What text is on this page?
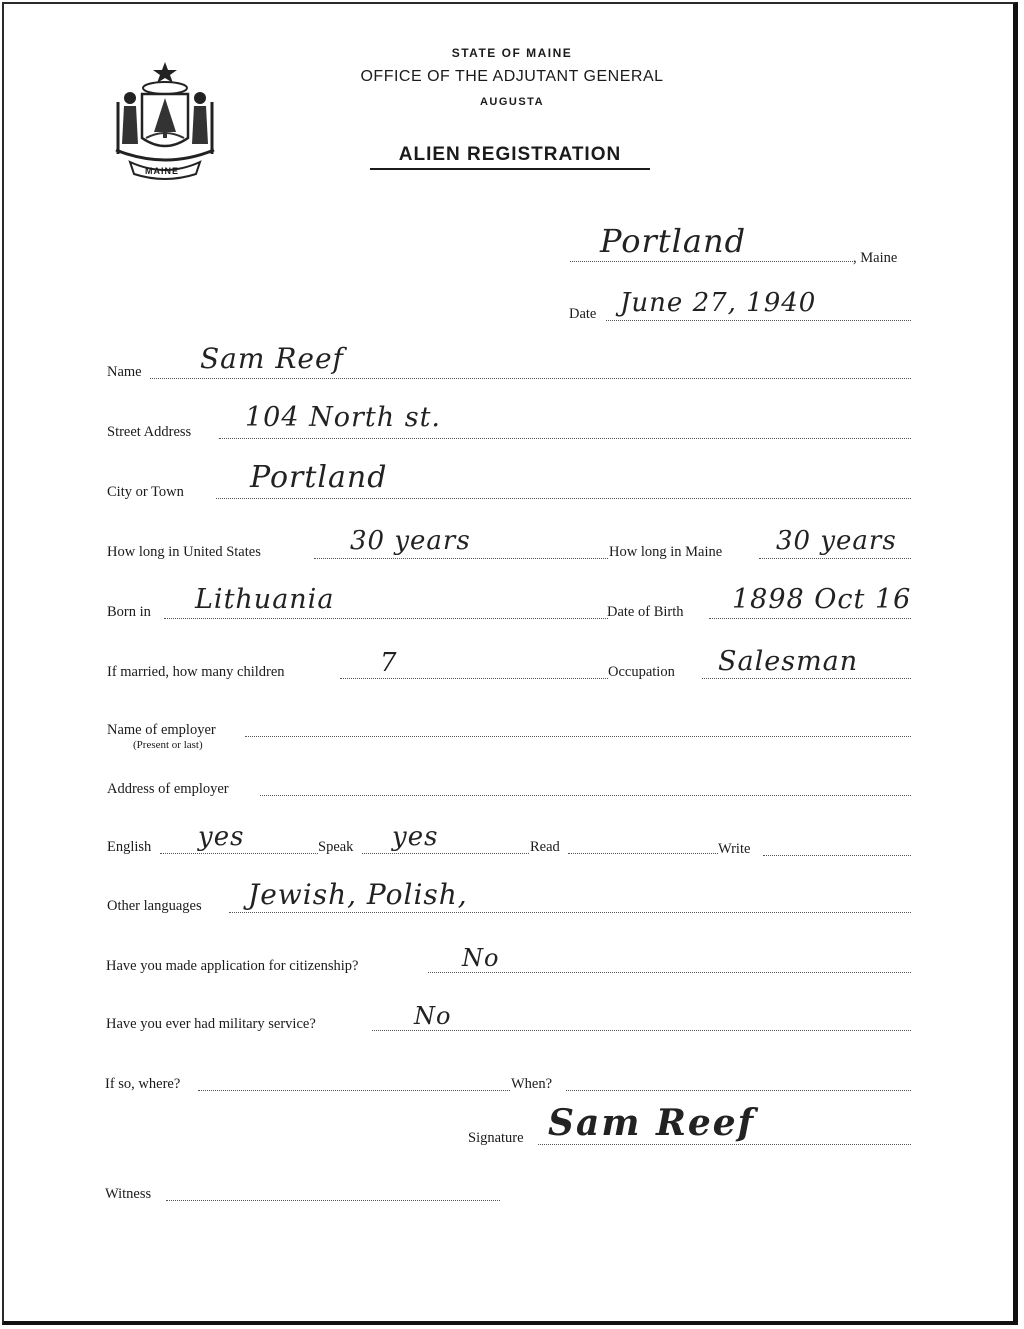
MAINE
STATE OF MAINE
OFFICE OF THE ADJUTANT GENERAL
AUGUSTA
ALIEN REGISTRATION
Portland	, Maine
Date June 27, 1940
Name Sam Reef
Street Address 104 North st.
City or Town Portland
How long in United States	30 years	How long in Maine 30 years
Born in Lithuania	Date of Birth 1898 Oct 16
If married, how many children	7	Occupation Salesman
Name of employer
(Present or last)
Address of employer
English yes	Speak yes	Read	Write
Other languages Jewish, Polish,
Have you made application for citizenship?	No
Have you ever had military service?	No
If so, where?	When?
Signature Sam Reef
Witness
